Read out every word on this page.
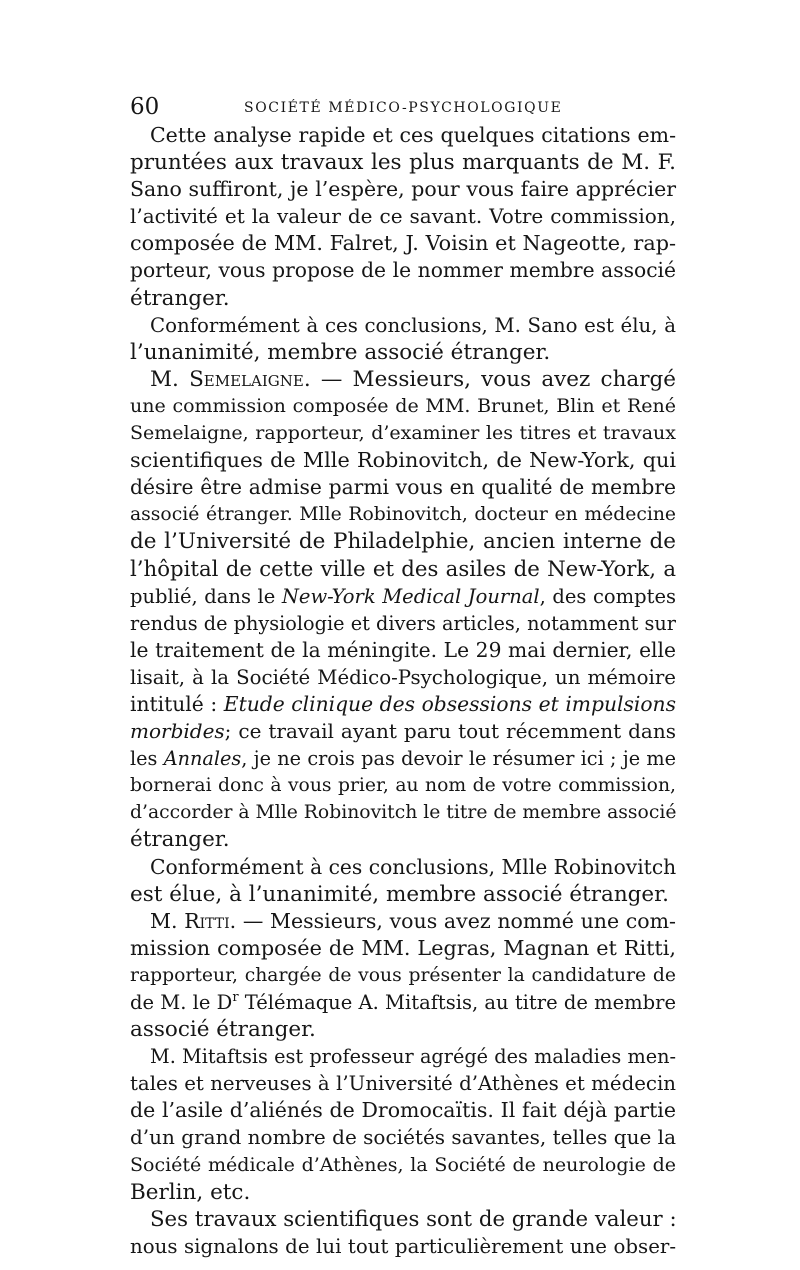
60	SOCIÉTÉ MÉDICO-PSYCHOLOGIQUE
Cette analyse rapide et ces quelques citations em-
pruntées aux travaux les plus marquants de M. F.
Sano suffiront, je l’espère, pour vous faire apprécier
l’activité et la valeur de ce savant. Votre commission,
composée de MM. Falret, J. Voisin et Nageotte, rap-
porteur, vous propose de le nommer membre associé
étranger.
Conformément à ces conclusions, M. Sano est élu, à
l’unanimité, membre associé étranger.
M. Semelaigne. — Messieurs, vous avez chargé
une commission composée de MM. Brunet, Blin et René
Semelaigne, rapporteur, d’examiner les titres et travaux
scientifiques de Mlle Robinovitch, de New-York, qui
désire être admise parmi vous en qualité de membre
associé étranger. Mlle Robinovitch, docteur en médecine
de l’Université de Philadelphie, ancien interne de
l’hôpital de cette ville et des asiles de New-York, a
publié, dans le New-York Medical Journal, des comptes
rendus de physiologie et divers articles, notamment sur
le traitement de la méningite. Le 29 mai dernier, elle
lisait, à la Société Médico-Psychologique, un mémoire
intitulé : Etude clinique des obsessions et impulsions
morbides; ce travail ayant paru tout récemment dans
les Annales, je ne crois pas devoir le résumer ici ; je me
bornerai donc à vous prier, au nom de votre commission,
d’accorder à Mlle Robinovitch le titre de membre associé
étranger.
Conformément à ces conclusions, Mlle Robinovitch
est élue, à l’unanimité, membre associé étranger.
M. Ritti. — Messieurs, vous avez nommé une com-
mission composée de MM. Legras, Magnan et Ritti,
rapporteur, chargée de vous présenter la candidature de
de M. le $D^r$ Télémaque A. Mitaftsis, au titre de membre
associé étranger.
M. Mitaftsis est professeur agrégé des maladies men-
tales et nerveuses à l’Université d’Athènes et médecin
de l’asile d’aliénés de Dromocaïtis. Il fait déjà partie
d’un grand nombre de sociétés savantes, telles que la
Société médicale d’Athènes, la Société de neurologie de
Berlin, etc.
Ses travaux scientifiques sont de grande valeur :
nous signalons de lui tout particulièrement une obser-
